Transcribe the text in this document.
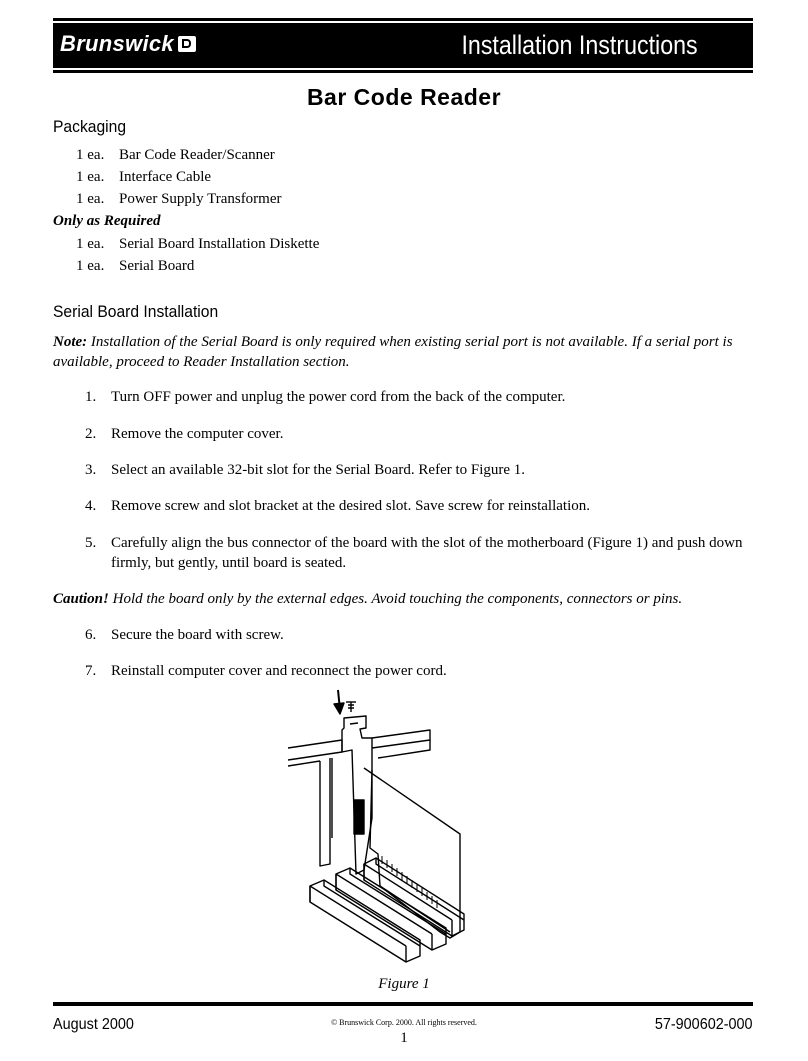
Brunswick	Installation Instructions
Bar Code Reader
Packaging
1 ea. Bar Code Reader/Scanner
1 ea. Interface Cable
1 ea. Power Supply Transformer
Only as Required
1 ea. Serial Board Installation Diskette
1 ea. Serial Board
Serial Board Installation
Note: Installation of the Serial Board is only required when existing serial port is not available. If a serial port is available, proceed to Reader Installation section.
1. Turn OFF power and unplug the power cord from the back of the computer.
2. Remove the computer cover.
3. Select an available 32-bit slot for the Serial Board. Refer to Figure 1.
4. Remove screw and slot bracket at the desired slot. Save screw for reinstallation.
5. Carefully align the bus connector of the board with the slot of the motherboard (Figure 1) and push down firmly, but gently, until board is seated.
Caution! Hold the board only by the external edges. Avoid touching the components, connectors or pins.
6. Secure the board with screw.
7. Reinstall computer cover and reconnect the power cord.
Figure 1
August 2000	© Brunswick Corp. 2000. All rights reserved.
1
57-900602-000
